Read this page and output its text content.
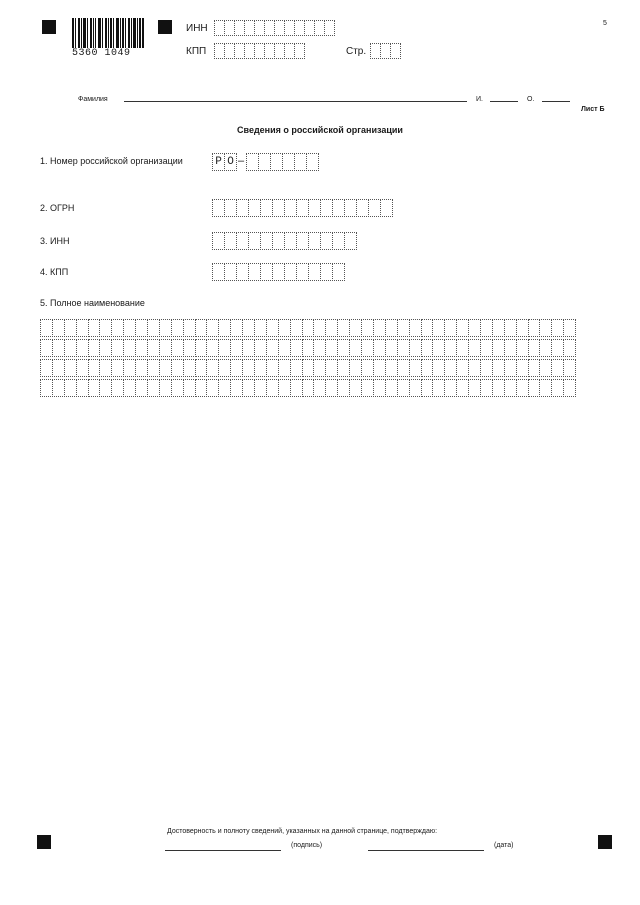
5360 1049
ИНН
КПП	Стр.
5
Фамилия	И.	О.
Лист Б
Сведения о российской организации
1. Номер российской организации	Р О –
2. ОГРН
3. ИНН
4. КПП
5. Полное наименование
Достоверность и полноту сведений, указанных на данной странице, подтверждаю:
(подпись)	(дата)
